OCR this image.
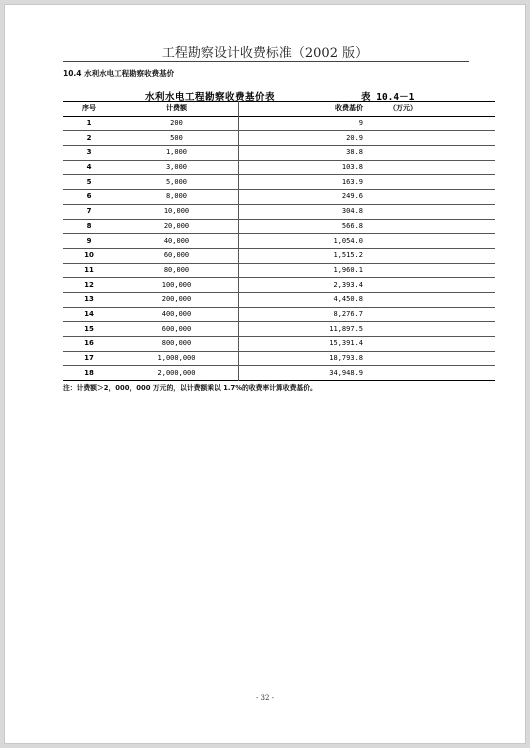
工程勘察设计收费标准（2002 版）
10.4 水利水电工程勘察收费基价
水利水电工程勘察收费基价表	表 10.4－1
序号	计费额	收费基价	（万元）
1	200	9	
2	500	20.9	
3	1,000	38.8	
4	3,000	103.8	
5	5,000	163.9	
6	8,000	249.6	
7	10,000	304.8	
8	20,000	566.8	
9	40,000	1,054.0	
10	60,000	1,515.2	
11	80,000	1,960.1	
12	100,000	2,393.4	
13	200,000	4,450.8	
14	400,000	8,276.7	
15	600,000	11,897.5	
16	800,000	15,391.4	
17	1,000,000	18,793.8	
18	2,000,000	34,948.9	
注：计费额＞2，000，000 万元的，以计费额乘以 1.7%的收费率计算收费基价。
- 32 -
